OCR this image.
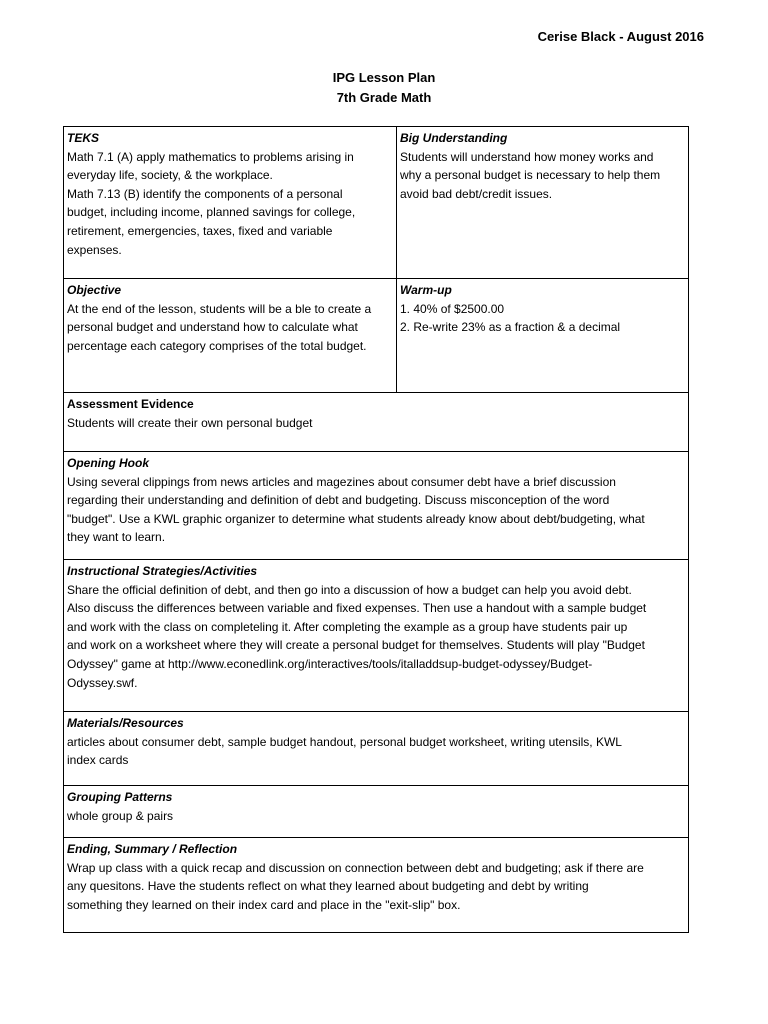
Cerise Black - August 2016
IPG Lesson Plan
7th Grade Math
TEKS
Math 7.1 (A) apply mathematics to problems arising in
everyday life, society, & the workplace.
Math 7.13 (B) identify the components of a personal
budget, including income, planned savings for college,
retirement, emergencies, taxes, fixed and variable
expenses.
Big Understanding
Students will understand how money works and
why a personal budget is necessary to help them
avoid bad debt/credit issues.
Objective
At the end of the lesson, students will be a ble to create a
personal budget and understand how to calculate what
percentage each category comprises of the total budget.
Warm-up
1. 40% of $2500.00
2. Re-write 23% as a fraction & a decimal
Assessment Evidence
Students will create their own personal budget
Opening Hook
Using several clippings from news articles and magezines about consumer debt have a brief discussion
regarding their understanding and definition of debt and budgeting. Discuss misconception of the word
"budget". Use a KWL graphic organizer to determine what students already know about debt/budgeting, what
they want to learn.
Instructional Strategies/Activities
Share the official definition of debt, and then go into a discussion of how a budget can help you avoid debt.
Also discuss the differences between variable and fixed expenses. Then use a handout with a sample budget
and work with the class on completeling it. After completing the example as a group have students pair up
and work on a worksheet where they will create a personal budget for themselves. Students will play "Budget
Odyssey" game at http://www.econedlink.org/interactives/tools/italladdsup-budget-odyssey/Budget-
Odyssey.swf.
Materials/Resources
articles about consumer debt, sample budget handout, personal budget worksheet, writing utensils, KWL
index cards
Grouping Patterns
whole group & pairs
Ending, Summary / Reflection
Wrap up class with a quick recap and discussion on connection between debt and budgeting; ask if there are
any quesitons. Have the students reflect on what they learned about budgeting and debt by writing
something they learned on their index card and place in the "exit-slip" box.
